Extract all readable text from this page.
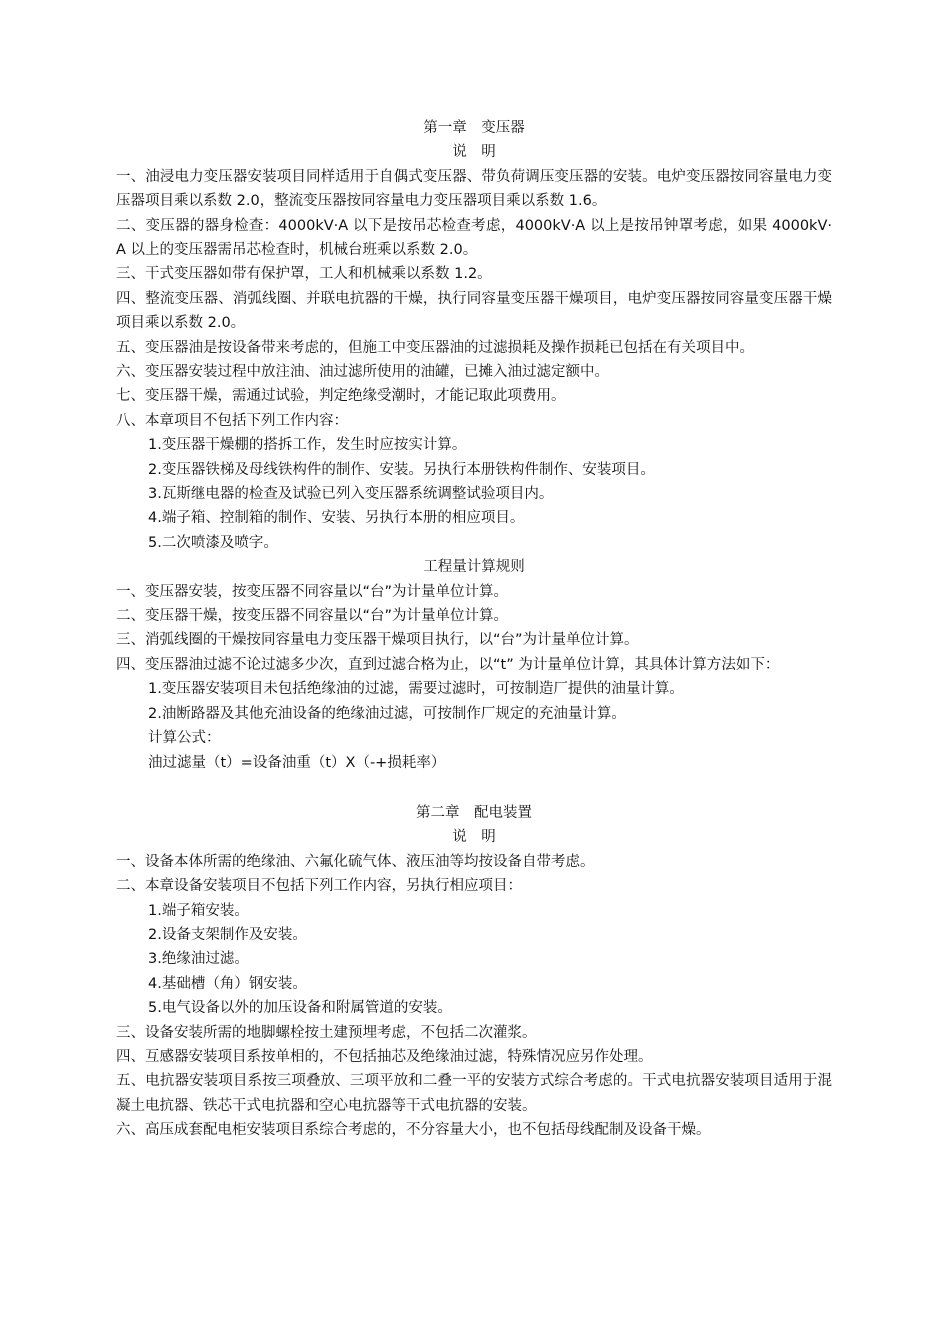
第一章　变压器
说　明
一、油浸电力变压器安装项目同样适用于自偶式变压器、带负荷调压变压器的安装。电炉变压器按同容量电力变压器项目乘以系数 2.0，整流变压器按同容量电力变压器项目乘以系数 1.6。
二、变压器的器身检查：4000kV·A 以下是按吊芯检查考虑，4000kV·A 以上是按吊钟罩考虑，如果 4000kV·A 以上的变压器需吊芯检查时，机械台班乘以系数 2.0。
三、干式变压器如带有保护罩，工人和机械乘以系数 1.2。
四、整流变压器、消弧线圈、并联电抗器的干燥，执行同容量变压器干燥项目，电炉变压器按同容量变压器干燥项目乘以系数 2.0。
五、变压器油是按设备带来考虑的，但施工中变压器油的过滤损耗及操作损耗已包括在有关项目中。
六、变压器安装过程中放注油、油过滤所使用的油罐，已摊入油过滤定额中。
七、变压器干燥，需通过试验，判定绝缘受潮时，才能记取此项费用。
八、本章项目不包括下列工作内容：
1.变压器干燥棚的搭拆工作，发生时应按实计算。
2.变压器铁梯及母线铁构件的制作、安装。另执行本册铁构件制作、安装项目。
3.瓦斯继电器的检查及试验已列入变压器系统调整试验项目内。
4.端子箱、控制箱的制作、安装、另执行本册的相应项目。
5.二次喷漆及喷字。
工程量计算规则
一、变压器安装，按变压器不同容量以“台”为计量单位计算。
二、变压器干燥，按变压器不同容量以“台”为计量单位计算。
三、消弧线圈的干燥按同容量电力变压器干燥项目执行，以“台”为计量单位计算。
四、变压器油过滤不论过滤多少次，直到过滤合格为止，以“t” 为计量单位计算，其具体计算方法如下：
1.变压器安装项目未包括绝缘油的过滤，需要过滤时，可按制造厂提供的油量计算。
2.油断路器及其他充油设备的绝缘油过滤，可按制作厂规定的充油量计算。
计算公式：
油过滤量（t）=设备油重（t）X（-+损耗率）
第二章　配电装置
说　明
一、设备本体所需的绝缘油、六氟化硫气体、液压油等均按设备自带考虑。
二、本章设备安装项目不包括下列工作内容，另执行相应项目：
1.端子箱安装。
2.设备支架制作及安装。
3.绝缘油过滤。
4.基础槽（角）钢安装。
5.电气设备以外的加压设备和附属管道的安装。
三、设备安装所需的地脚螺栓按土建预埋考虑，不包括二次灌浆。
四、互感器安装项目系按单相的，不包括抽芯及绝缘油过滤，特殊情况应另作处理。
五、电抗器安装项目系按三项叠放、三项平放和二叠一平的安装方式综合考虑的。干式电抗器安装项目适用于混凝土电抗器、铁芯干式电抗器和空心电抗器等干式电抗器的安装。
六、高压成套配电柜安装项目系综合考虑的，不分容量大小，也不包括母线配制及设备干燥。
